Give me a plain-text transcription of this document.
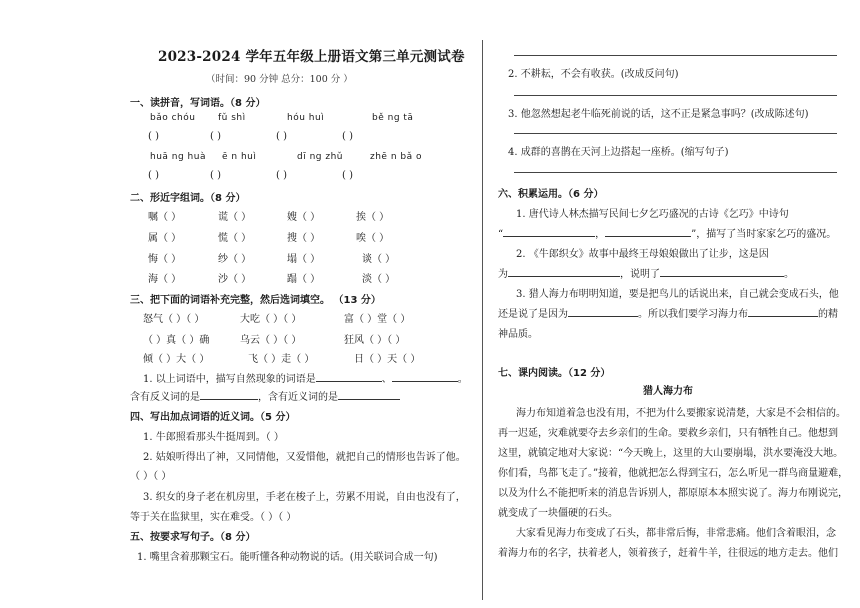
2023-2024 学年五年级上册语文第三单元测试卷
（时间：90 分钟 总分：100 分 ）
一、读拼音，写词语。（8 分）
bǎo chóu	fǔ shì	hóu huì	bě ng tā
( )	( )	( )	( )
huā ng huà ē n huì	dī ng zhǔ	zhē n bǎ o
( )	( )	( )	( )
二、形近字组词。（8 分）
嘱（ ）	谎（ ）	嫂（ ）	挨（ ）
属（ ）	慌（ ）	搜（ ）	唉（ ）
悔（ ）	纱（ ）	塌（ ）	谈（ ）
海（ ）	沙（ ）	蹋（ ）	淡（ ）
三、把下面的词语补充完整，然后选词填空。 （13 分）
怒气（ ）（ ）	大吃（ ）（ ）	富（ ）堂（ ）
（ ）真（ ）确	乌云（ ）（ ）	狂风（ ）（ ）
倾（ ）大（ ）	飞（ ）走（ ）	日（ ）天（ ）
1. 以上词语中，描写自然现象的词语是	、	。
含有反义词的是	，含有近义词的是
四、写出加点词语的近义词。（5 分）
1. 牛郎照看那头牛挺周到。（ ）
2. 姑娘听得出了神，又同情他，又爱惜他，就把自己的情形也告诉了他。
（ ）（ ）
3. 织女的身子老在机房里，手老在梭子上，劳累不用说，自由也没有了，
等于关在监狱里，实在难受。（ ）（ ）
五、按要求写句子。（8 分）
1. 嘴里含着那颗宝石。能听懂各种动物说的话。(用关联词合成一句)
2. 不耕耘，不会有收获。(改成反问句)
3. 他忽然想起老牛临死前说的话，这不正是紧急事吗？(改成陈述句)
4. 成群的喜鹊在天河上边搭起一座桥。(缩写句子)
六、积累运用。（6 分）
1. 唐代诗人林杰描写民间七夕乞巧盛况的古诗《乞巧》中诗句
“	，	”，描写了当时家家乞巧的盛况。
2. 《牛郎织女》故事中最终王母娘娘做出了让步，这是因
为	，说明了	。
3. 猎人海力布明明知道，要是把鸟儿的话说出来，自己就会变成石头，他
还是说了是因为	。所以我们要学习海力布	的精
神品质。
七、课内阅读。（12 分）
猎人海力布
海力布知道着急也没有用，不把为什么要搬家说清楚，大家是不会相信的。
再一迟延，灾难就要夺去乡亲们的生命。要救乡亲们，只有牺牲自己。他想到
这里，就镇定地对大家说：“今天晚上，这里的大山要崩塌，洪水要淹没大地。
你们看，鸟都飞走了。”接着，他就把怎么得到宝石，怎么听见一群鸟商量避难，
以及为什么不能把听来的消息告诉别人，都原原本本照实说了。海力布刚说完，
就变成了一块僵硬的石头。
大家看见海力布变成了石头，都非常后悔，非常悲痛。他们含着眼泪，念
着海力布的名字，扶着老人，领着孩子，赶着牛羊，往很远的地方走去。他们
